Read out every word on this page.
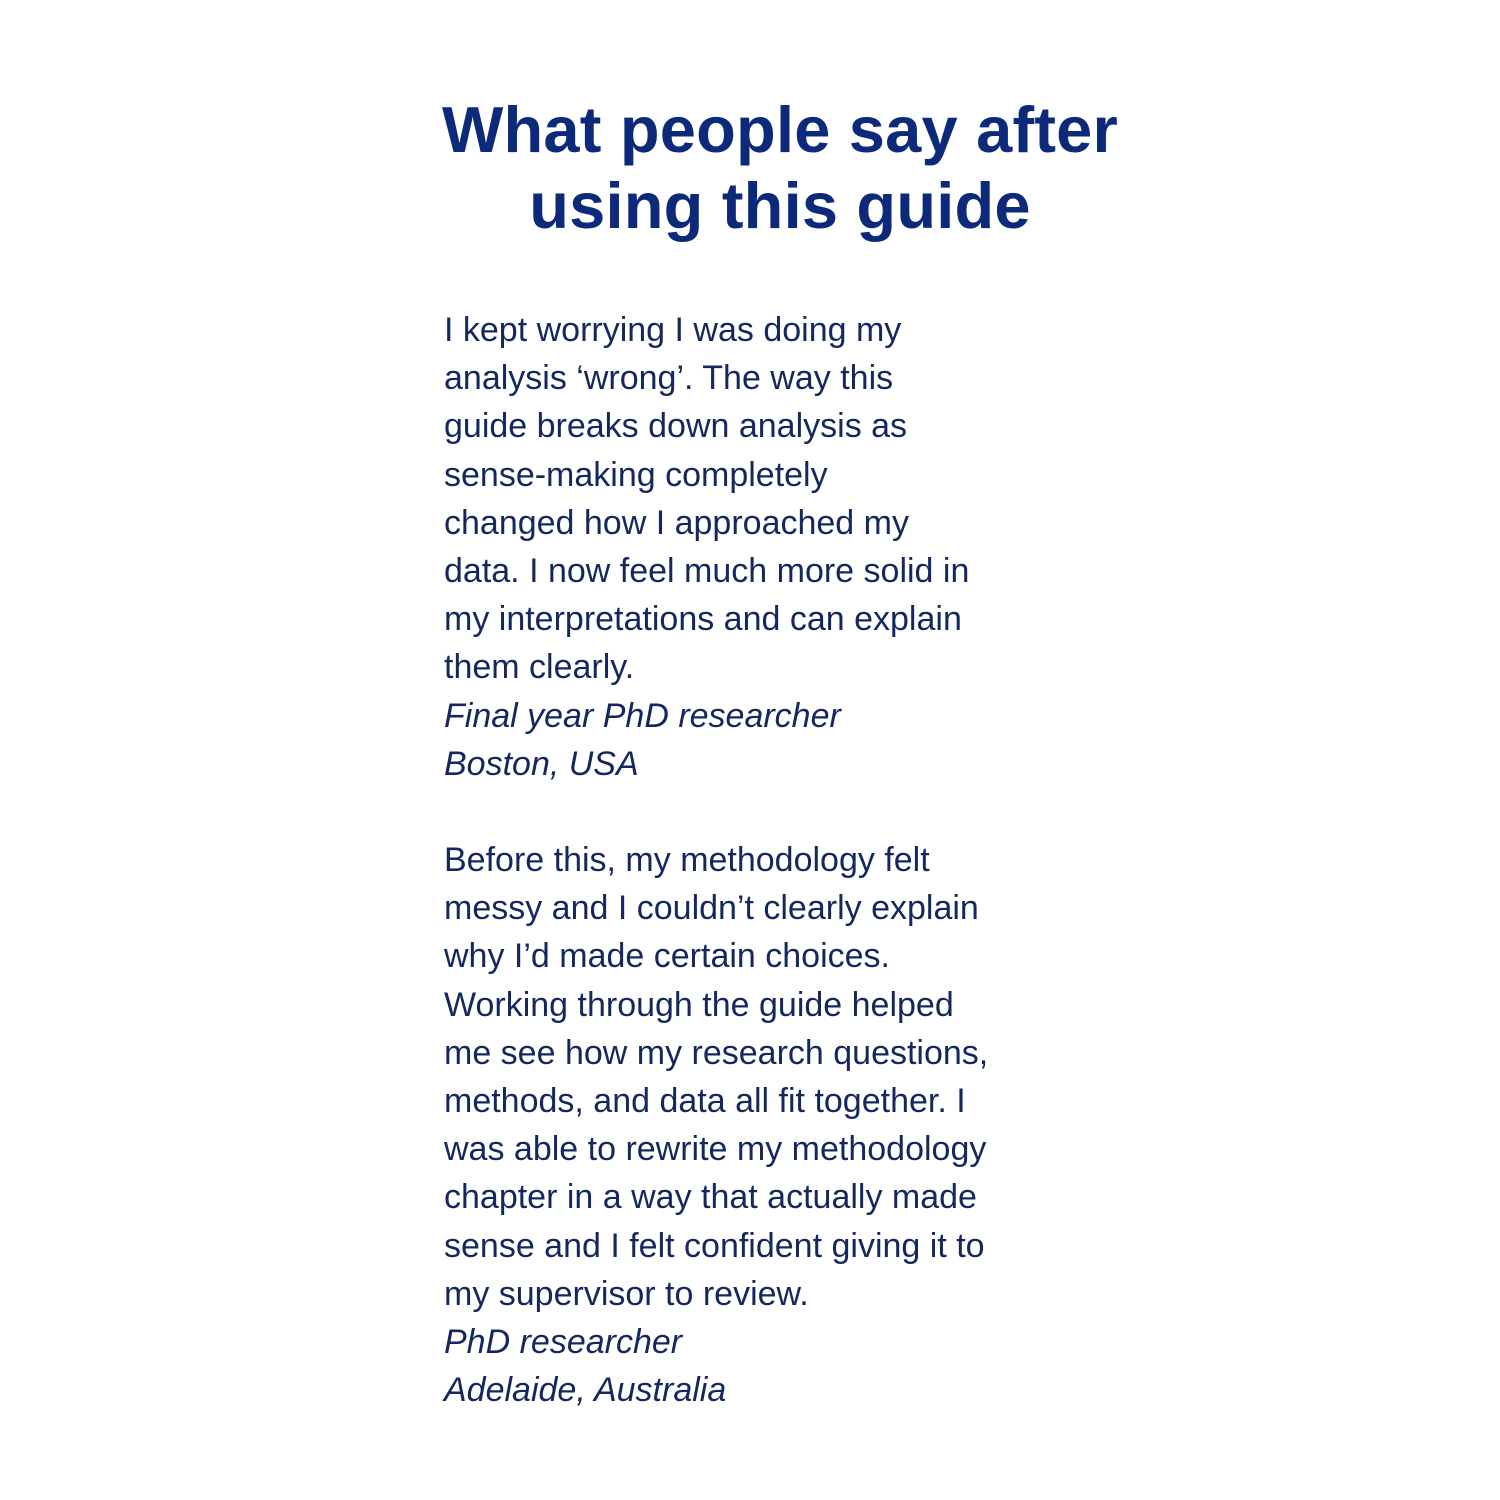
What people say after
using this guide
I kept worrying I was doing my
analysis ‘wrong’. The way this
guide breaks down analysis as
sense-making completely
changed how I approached my
data. I now feel much more solid in
my interpretations and can explain
them clearly.
Final year PhD researcher
Boston, USA
Before this, my methodology felt
messy and I couldn’t clearly explain
why I’d made certain choices.
Working through the guide helped
me see how my research questions,
methods, and data all fit together. I
was able to rewrite my methodology
chapter in a way that actually made
sense and I felt confident giving it to
my supervisor to review.
PhD researcher
Adelaide, Australia
